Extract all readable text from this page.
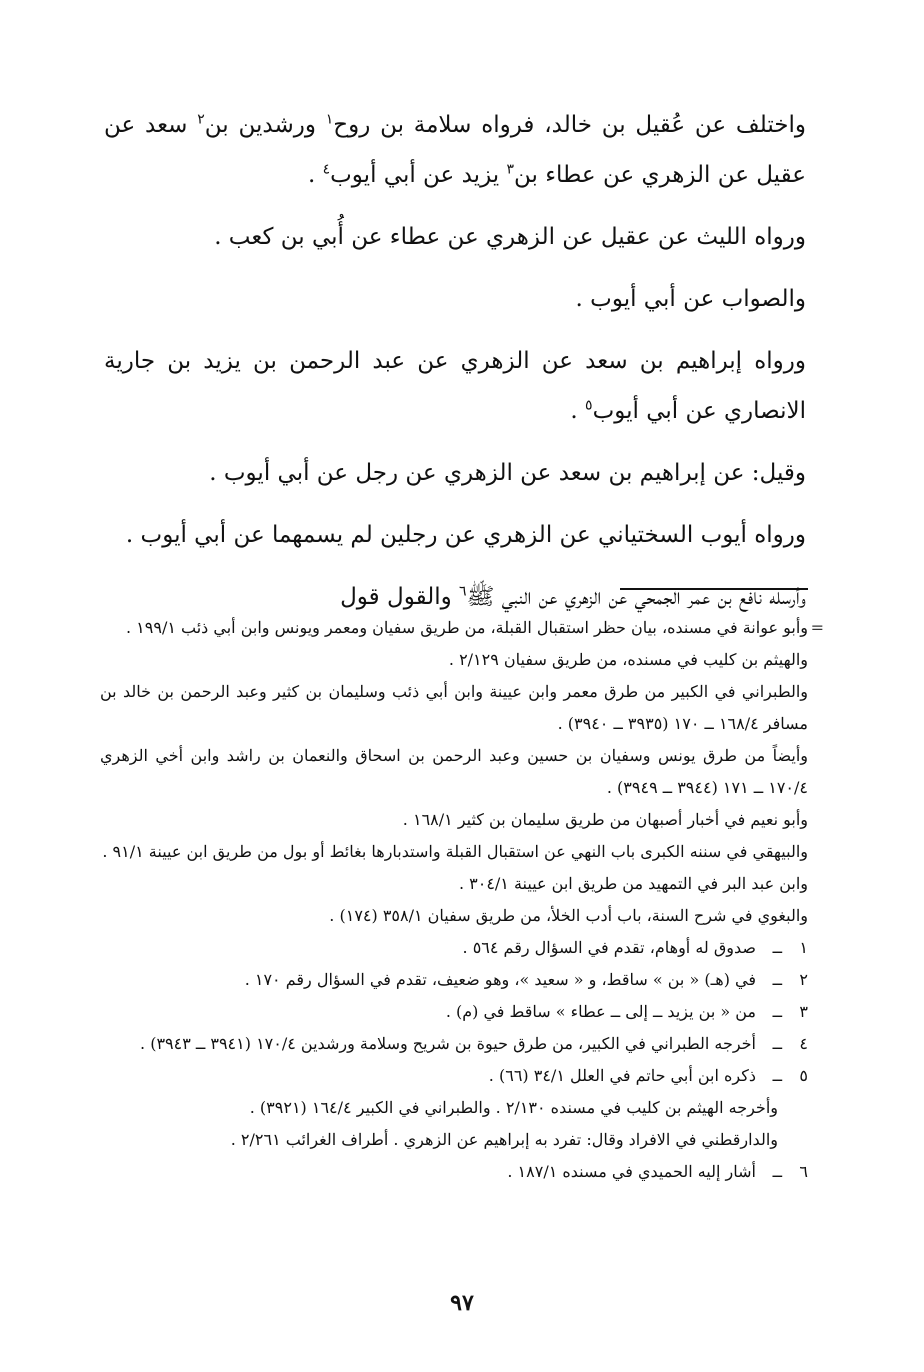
واختلف عن عُقيل بن خالد، فرواه سلامة بن روح$^١$ ورشدين بن$^٢$ سعد عن عقيل عن الزهري عن عطاء بن$^٣$ يزيد عن أبي أيوب$^٤$ .

ورواه الليث عن عقيل عن الزهري عن عطاء عن أُبي بن كعب .

والصواب عن أبي أيوب .

ورواه إبراهيم بن سعد عن الزهري عن عبد الرحمن بن يزيد بن جارية الانصاري عن أبي أيوب$^٥$ .

وقيل: عن إبراهيم بن سعد عن الزهري عن رجل عن أبي أيوب .

ورواه أيوب السختياني عن الزهري عن رجلين لم يسمهما عن أبي أيوب .

وأرسله نافع بن عمر الجمحي عن الزهري عن النبي ﷺ$^٦$ والقول قول

=

وأبو عوانة في مسنده، بيان حظر استقبال القبلة، من طريق سفيان ومعمر ويونس وابن أبي ذئب ١٩٩/١ .

والهيثم بن كليب في مسنده، من طريق سفيان ٢/١٢٩ .

والطبراني في الكبير من طرق معمر وابن عيينة وابن أبي ذئب وسليمان بن كثير وعبد الرحمن بن خالد بن مسافر ١٦٨/٤ ــ ١٧٠ (٣٩٣٥ ــ ٣٩٤٠) .

وأيضاً من طرق يونس وسفيان بن حسين وعبد الرحمن بن اسحاق والنعمان بن راشد وابن أخي الزهري ١٧٠/٤ ــ ١٧١ (٣٩٤٤ ــ ٣٩٤٩) .

وأبو نعيم في أخبار أصبهان من طريق سليمان بن كثير ١٦٨/١ .

والبيهقي في سننه الكبرى باب النهي عن استقبال القبلة واستدبارها بغائط أو بول من طريق ابن عيينة ٩١/١ .

وابن عبد البر في التمهيد من طريق ابن عيينة ٣٠٤/١ .

والبغوي في شرح السنة، باب أدب الخلأ، من طريق سفيان ٣٥٨/١ (١٧٤) .

١
ــ
صدوق له أوهام، تقدم في السؤال رقم ٥٦٤ .
٢
ــ
في (هـ) « بن » ساقط، و « سعيد »، وهو ضعيف، تقدم في السؤال رقم ١٧٠ .
٣
ــ
من « بن يزيد ــ إلى ــ عطاء » ساقط في (م) .
٤
ــ
أخرجه الطبراني في الكبير، من طرق حيوة بن شريح وسلامة ورشدين ١٧٠/٤ (٣٩٤١ ــ ٣٩٤٣) .
٥
ــ
ذكره ابن أبي حاتم في العلل ٣٤/١ (٦٦) .

وأخرجه الهيثم بن كليب في مسنده ٢/١٣٠ . والطبراني في الكبير ١٦٤/٤ (٣٩٢١) .

والدارقطني في الافراد وقال: تفرد به إبراهيم عن الزهري . أطراف الغرائب ٢/٢٦١ .

٦
ــ
أشار إليه الحميدي في مسنده ١٨٧/١ .
٩٧
